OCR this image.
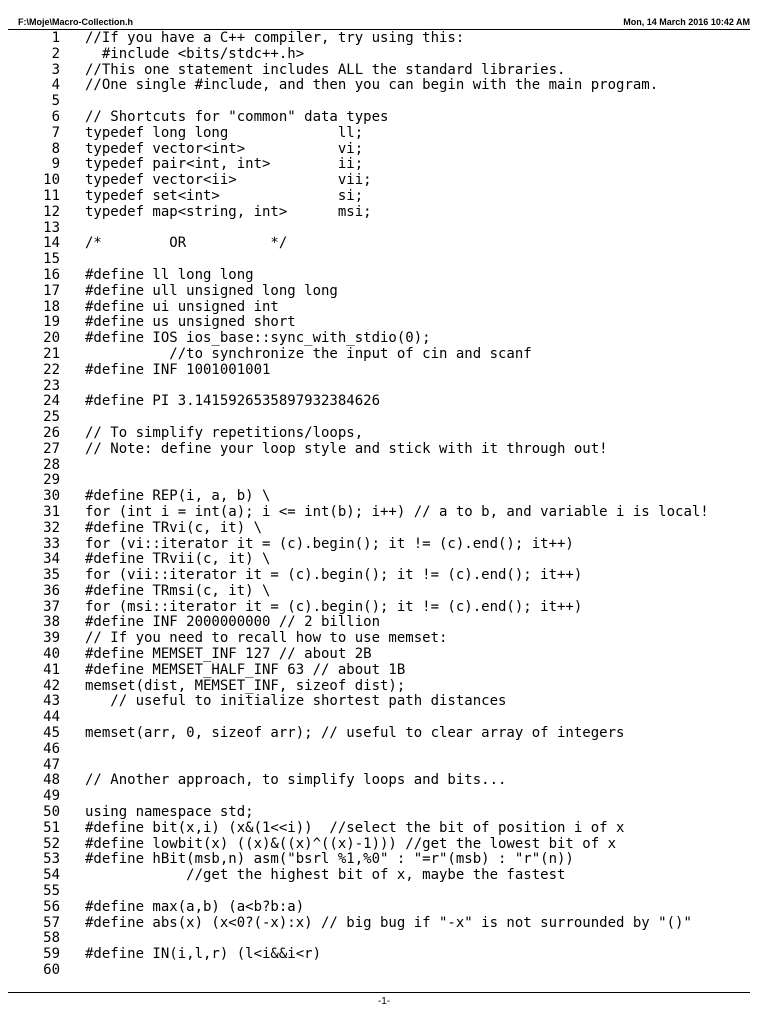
F:\Moje\Macro-Collection.h	Mon, 14 March 2016 10:42 AM
1 //If you have a C++ compiler, try using this:
2 #include <bits/stdc++.h>
3 //This one statement includes ALL the standard libraries.
4 //One single #include, and then you can begin with the main program.
5
6 // Shortcuts for "common" data types
7 typedef long long             ll;
8 typedef vector<int>           vi;
9 typedef pair<int, int>        ii;
10 typedef vector<ii>            vii;
11 typedef set<int>              si;
12 typedef map<string, int>      msi;
13
14 /*        OR          */
15
16 #define ll long long
17 #define ull unsigned long long
18 #define ui unsigned int
19 #define us unsigned short
20 #define IOS ios_base::sync_with_stdio(0);
21 //to synchronize the input of cin and scanf
22 #define INF 1001001001
23
24 #define PI 3.1415926535897932384626
25
26 // To simplify repetitions/loops,
27 // Note: define your loop style and stick with it through out!
28
29
30 #define REP(i, a, b) \
31 for (int i = int(a); i <= int(b); i++) // a to b, and variable i is local!
32 #define TRvi(c, it) \
33 for (vi::iterator it = (c).begin(); it != (c).end(); it++)
34 #define TRvii(c, it) \
35 for (vii::iterator it = (c).begin(); it != (c).end(); it++)
36 #define TRmsi(c, it) \
37 for (msi::iterator it = (c).begin(); it != (c).end(); it++)
38 #define INF 2000000000 // 2 billion
39 // If you need to recall how to use memset:
40 #define MEMSET_INF 127 // about 2B
41 #define MEMSET_HALF_INF 63 // about 1B
42 memset(dist, MEMSET_INF, sizeof dist);
43 // useful to initialize shortest path distances
44
45 memset(arr, 0, sizeof arr); // useful to clear array of integers
46
47
48 // Another approach, to simplify loops and bits...
49
50 using namespace std;
51 #define bit(x,i) (x&(1<<i))  //select the bit of position i of x
52 #define lowbit(x) ((x)&((x)^((x)-1))) //get the lowest bit of x
53 #define hBit(msb,n) asm("bsrl %1,%0" : "=r"(msb) : "r"(n))
54 //get the highest bit of x, maybe the fastest
55
56 #define max(a,b) (a<b?b:a)
57 #define abs(x) (x<0?(-x):x) // big bug if "-x" is not surrounded by "()"
58
59 #define IN(i,l,r) (l<i&&i<r)
60
-1-
